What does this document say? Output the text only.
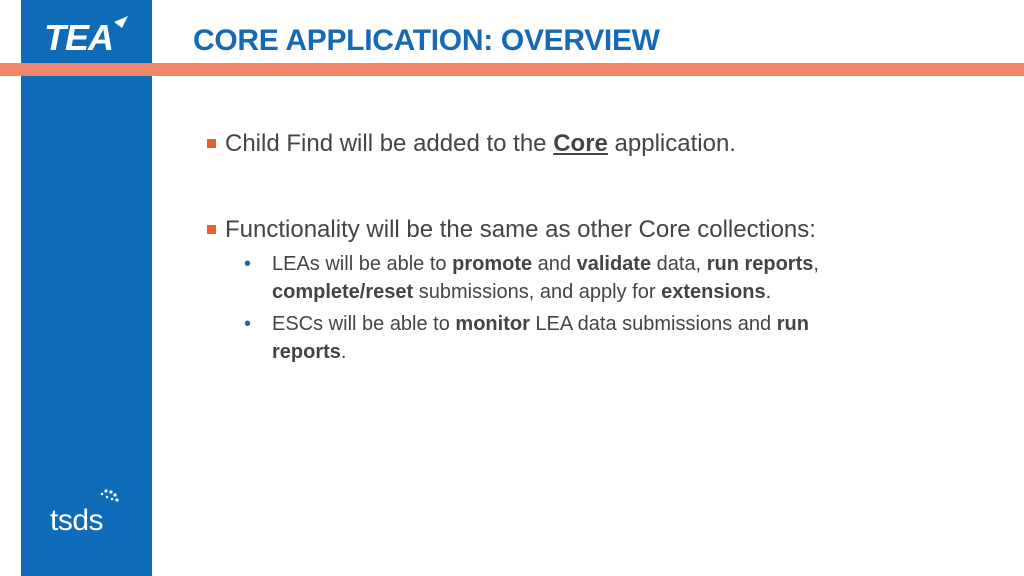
TEA
tsds
CORE APPLICATION: OVERVIEW
Child Find will be added to the Core application.
Functionality will be the same as other Core collections:
• LEAs will be able to promote and validate data, run reports,
complete/reset submissions, and apply for extensions.
• ESCs will be able to monitor LEA data submissions and run
reports.
